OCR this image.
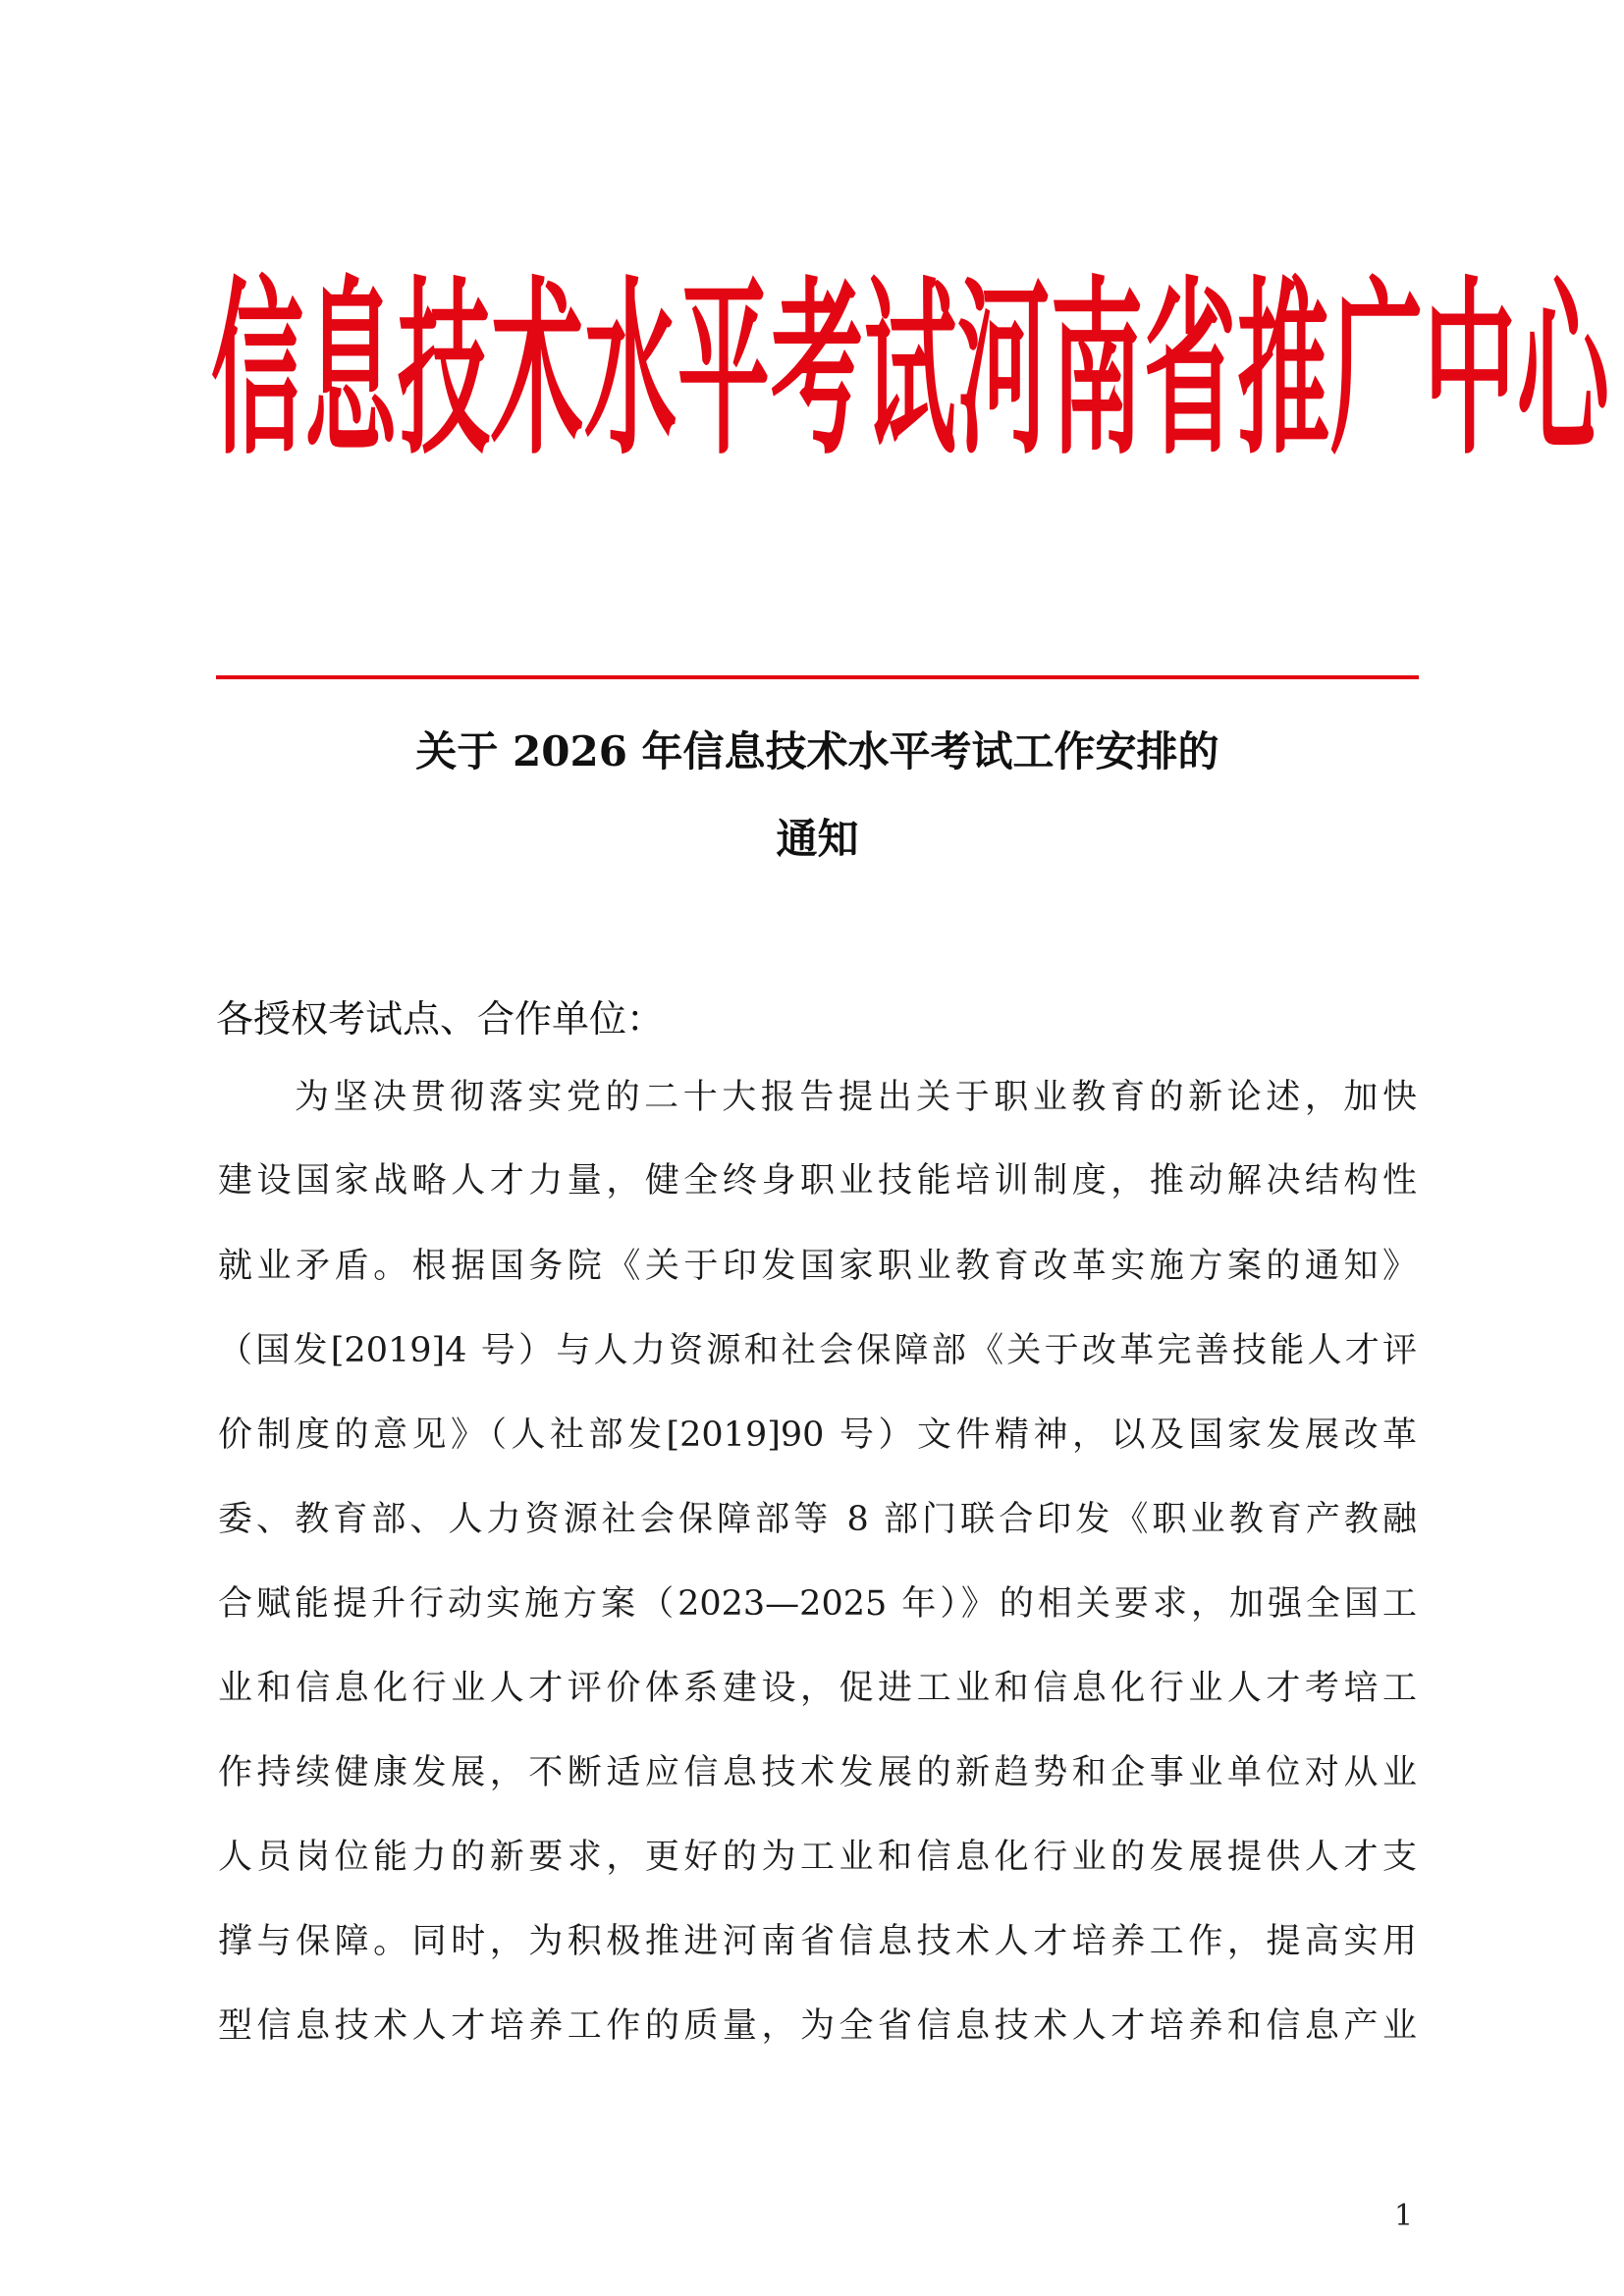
信息技术水平考试河南省推广中心
关于 2026 年信息技术水平考试工作安排的
通知
各授权考试点、合作单位：
为坚决贯彻落实党的二十大报告提出关于职业教育的新论述，加快
建设国家战略人才力量，健全终身职业技能培训制度，推动解决结构性
就业矛盾。根据国务院《关于印发国家职业教育改革实施方案的通知》
（国发[2019]4 号）与人力资源和社会保障部《关于改革完善技能人才评
价制度的意见》（人社部发[2019]90 号）文件精神，以及国家发展改革
委、教育部、人力资源社会保障部等 8 部门联合印发《职业教育产教融
合赋能提升行动实施方案（2023—2025 年）》的相关要求，加强全国工
业和信息化行业人才评价体系建设，促进工业和信息化行业人才考培工
作持续健康发展，不断适应信息技术发展的新趋势和企事业单位对从业
人员岗位能力的新要求，更好的为工业和信息化行业的发展提供人才支
撑与保障。同时，为积极推进河南省信息技术人才培养工作，提高实用
型信息技术人才培养工作的质量，为全省信息技术人才培养和信息产业
1
